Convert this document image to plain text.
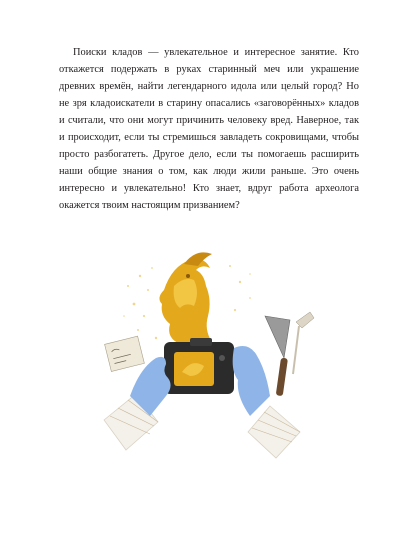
Поиски кладов — увлекательное и интересное занятие. Кто откажется подержать в руках старинный меч или украшение древних времён, найти легендарного идола или целый город? Но не зря кладоискатели в старину опасались «заговорённых» кладов и считали, что они могут причинить человеку вред. Наверное, так и происходит, если ты стремишься завладеть сокровищами, чтобы просто разбогатеть. Другое дело, если ты помогаешь расширить наши общие знания о том, как люди жили раньше. Это очень интересно и увлекательно! Кто знает, вдруг работа археолога окажется твоим настоящим призванием?
